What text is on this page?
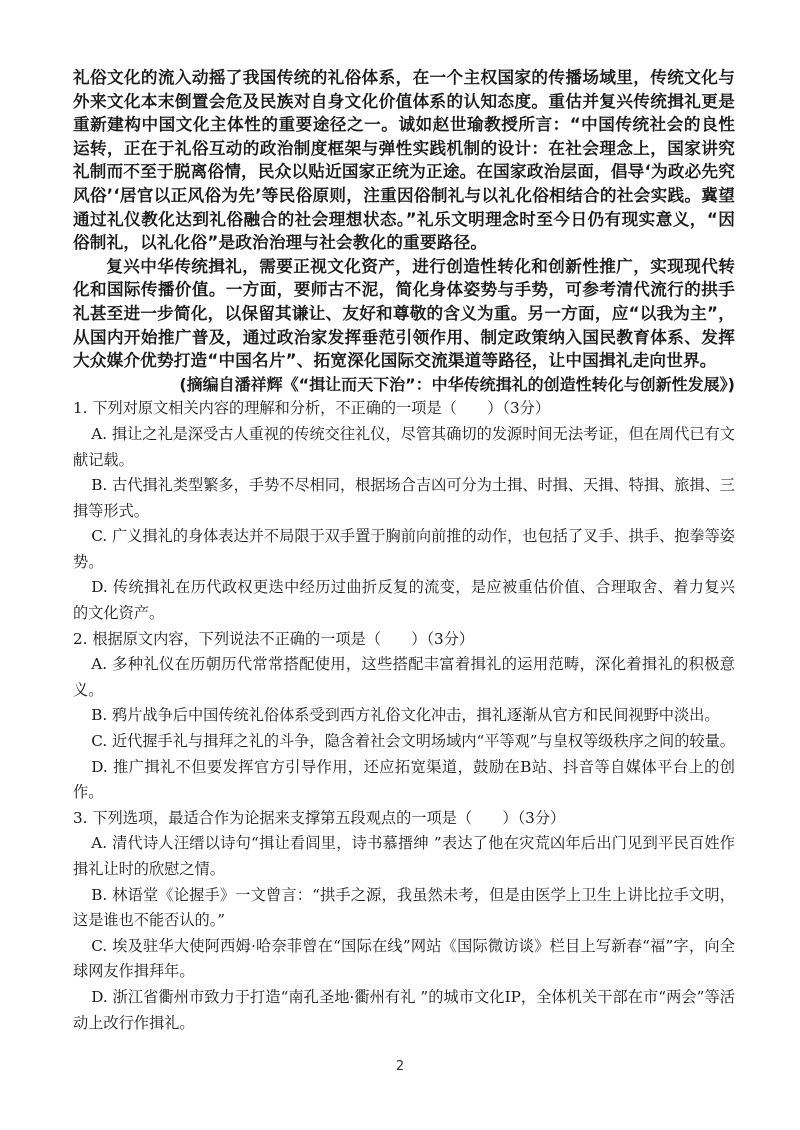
礼俗文化的流入动摇了我国传统的礼俗体系，在一个主权国家的传播场域里，传统文化与外来文化本末倒置会危及民族对自身文化价值体系的认知态度。重估并复兴传统揖礼更是重新建构中国文化主体性的重要途径之一。诚如赵世瑜教授所言：“中国传统社会的良性运转，正在于礼俗互动的政治制度框架与弹性实践机制的设计：在社会理念上，国家讲究礼制而不至于脱离俗情，民众以贴近国家正统为正途。在国家政治层面，倡导‘为政必先究风俗’‘居官以正风俗为先’等民俗原则，注重因俗制礼与以礼化俗相结合的社会实践。冀望通过礼仪教化达到礼俗融合的社会理想状态。”礼乐文明理念时至今日仍有现实意义，“因俗制礼，以礼化俗”是政治治理与社会教化的重要路径。

复兴中华传统揖礼，需要正视文化资产，进行创造性转化和创新性推广，实现现代转化和国际传播价值。一方面，要师古不泥，简化身体姿势与手势，可参考清代流行的拱手礼甚至进一步简化，以保留其谦让、友好和尊敬的含义为重。另一方面，应“以我为主”，从国内开始推广普及，通过政治家发挥垂范引领作用、制定政策纳入国民教育体系、发挥大众媒介优势打造“中国名片”、拓宽深化国际交流渠道等路径，让中国揖礼走向世界。

(摘编自潘祥辉《“揖让而天下治”：中华传统揖礼的创造性转化与创新性发展》)

1. 下列对原文相关内容的理解和分析，不正确的一项是（　　）（3分）

A. 揖让之礼是深受古人重视的传统交往礼仪，尽管其确切的发源时间无法考证，但在周代已有文献记载。

B. 古代揖礼类型繁多，手势不尽相同，根据场合吉凶可分为土揖、时揖、天揖、特揖、旅揖、三揖等形式。

C. 广义揖礼的身体表达并不局限于双手置于胸前向前推的动作，也包括了叉手、拱手、抱拳等姿势。

D. 传统揖礼在历代政权更迭中经历过曲折反复的流变，是应被重估价值、合理取舍、着力复兴的文化资产。

2. 根据原文内容，下列说法不正确的一项是（　　）（3分）

A. 多种礼仪在历朝历代常常搭配使用，这些搭配丰富着揖礼的运用范畴，深化着揖礼的积极意义。

B. 鸦片战争后中国传统礼俗体系受到西方礼俗文化冲击，揖礼逐渐从官方和民间视野中淡出。

C. 近代握手礼与揖拜之礼的斗争，隐含着社会文明场域内“平等观”与皇权等级秩序之间的较量。

D. 推广揖礼不但要发挥官方引导作用，还应拓宽渠道，鼓励在B站、抖音等自媒体平台上的创作。

3. 下列选项，最适合作为论据来支撑第五段观点的一项是（　　）（3分）

A. 清代诗人汪缙以诗句“揖让看闾里，诗书慕搢绅 ”表达了他在灾荒凶年后出门见到平民百姓作揖礼让时的欣慰之情。

B. 林语堂《论握手》一文曾言：“拱手之源，我虽然未考，但是由医学上卫生上讲比拉手文明，这是谁也不能否认的。”

C. 埃及驻华大使阿西姆·哈奈菲曾在“国际在线”网站《国际微访谈》栏目上写新春“福”字，向全球网友作揖拜年。

D. 浙江省衢州市致力于打造“南孔圣地·衢州有礼 ”的城市文化IP，全体机关干部在市“两会”等活动上改行作揖礼。

2
